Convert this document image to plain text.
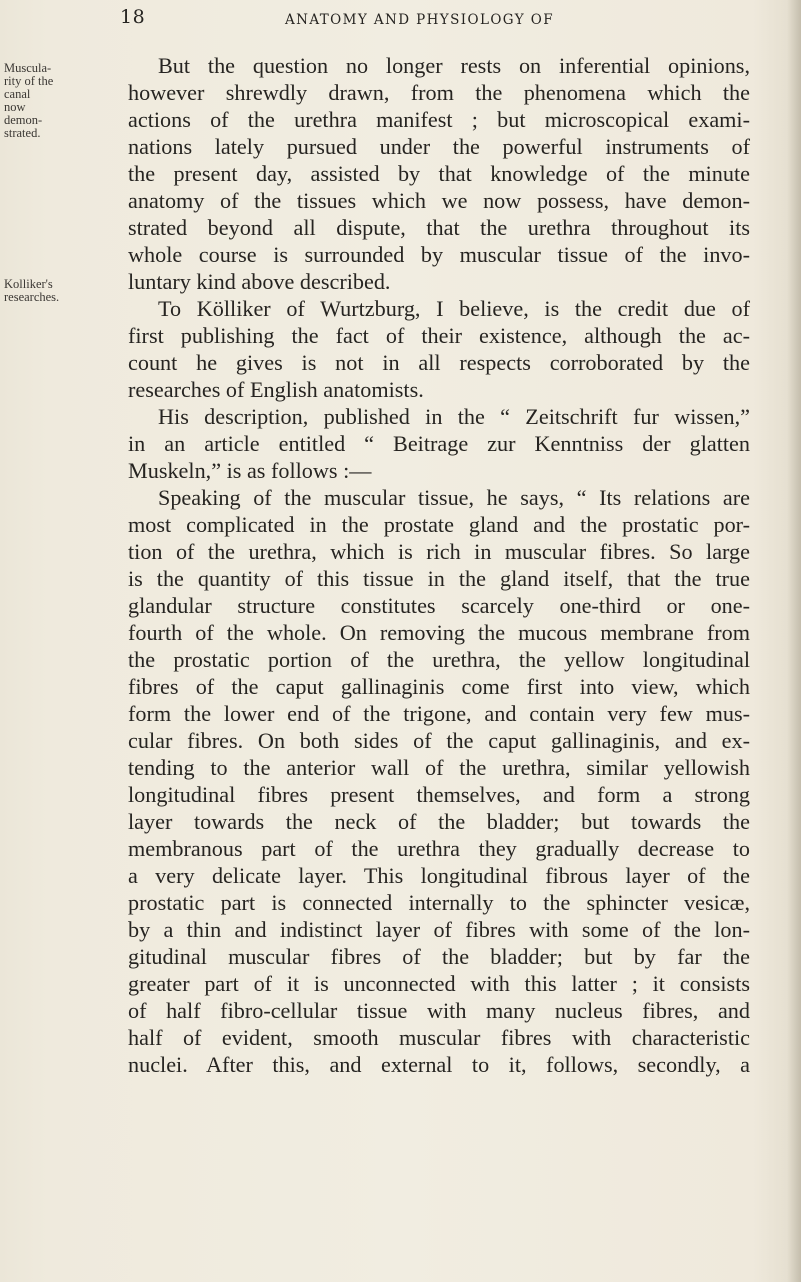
18	ANATOMY AND PHYSIOLOGY OF
Muscula-
rity of the
canal
now demon-
strated.
Kolliker's
researches.
But the question no longer rests on inferential opinions,
however shrewdly drawn, from the phenomena which the
actions of the urethra manifest ; but microscopical exami-
nations lately pursued under the powerful instruments of
the present day, assisted by that knowledge of the minute
anatomy of the tissues which we now possess, have demon-
strated beyond all dispute, that the urethra throughout its
whole course is surrounded by muscular tissue of the invo-
luntary kind above described.
To Kölliker of Wurtzburg, I believe, is the credit due of
first publishing the fact of their existence, although the ac-
count he gives is not in all respects corroborated by the
researches of English anatomists.
His description, published in the “ Zeitschrift fur wissen,”
in an article entitled “ Beitrage zur Kenntniss der glatten
Muskeln,” is as follows :—
Speaking of the muscular tissue, he says, “ Its relations are
most complicated in the prostate gland and the prostatic por-
tion of the urethra, which is rich in muscular fibres. So large
is the quantity of this tissue in the gland itself, that the true
glandular structure constitutes scarcely one-third or one-
fourth of the whole. On removing the mucous membrane from
the prostatic portion of the urethra, the yellow longitudinal
fibres of the caput gallinaginis come first into view, which
form the lower end of the trigone, and contain very few mus-
cular fibres. On both sides of the caput gallinaginis, and ex-
tending to the anterior wall of the urethra, similar yellowish
longitudinal fibres present themselves, and form a strong
layer towards the neck of the bladder; but towards the
membranous part of the urethra they gradually decrease to
a very delicate layer. This longitudinal fibrous layer of the
prostatic part is connected internally to the sphincter vesicæ,
by a thin and indistinct layer of fibres with some of the lon-
gitudinal muscular fibres of the bladder; but by far the
greater part of it is unconnected with this latter ; it consists
of half fibro-cellular tissue with many nucleus fibres, and
half of evident, smooth muscular fibres with characteristic
nuclei. After this, and external to it, follows, secondly, a
